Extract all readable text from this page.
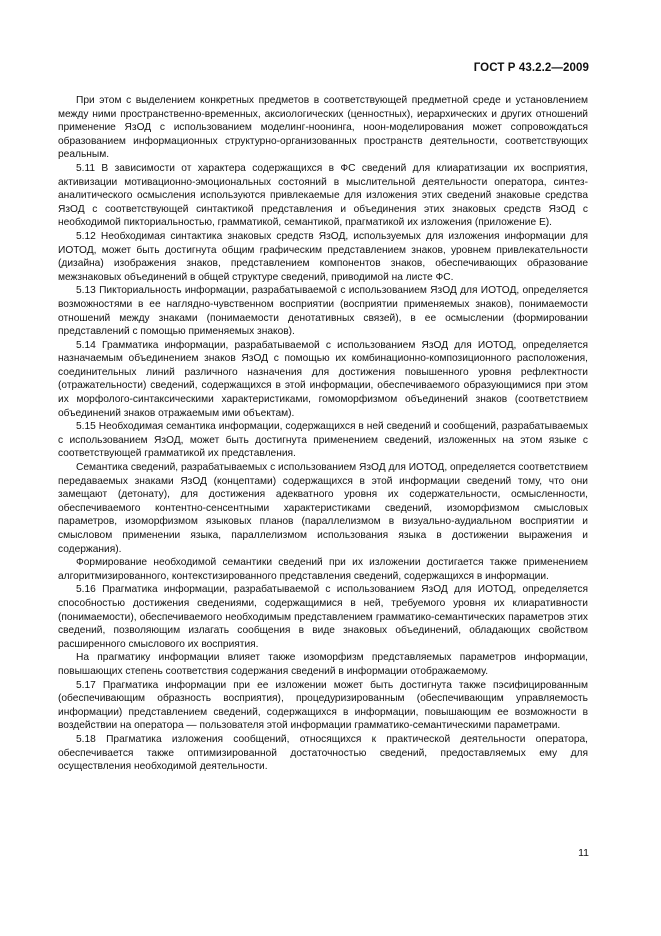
ГОСТ Р 43.2.2—2009

При этом с выделением конкретных предметов в соответствующей предметной среде и установлением между ними пространственно-временных, аксиологических (ценностных), иерархических и других отношений применение ЯзОД с использованием моделинг-ноонинга, ноон-моделирования может сопровождаться образованием информационных структурно-организованных пространств деятельности, соответствующих реальным.

5.11 В зависимости от характера содержащихся в ФС сведений для клиаратизации их восприятия, активизации мотивационно-эмоциональных состояний в мыслительной деятельности оператора, синтез-аналитического осмысления используются привлекаемые для изложения этих сведений знаковые средства ЯзОД с соответствующей синтактикой представления и объединения этих знаковых средств ЯзОД с необходимой пикториальностью, грамматикой, семантикой, прагматикой их изложения (приложение Е).

5.12 Необходимая синтактика знаковых средств ЯзОД, используемых для изложения информации для ИОТОД, может быть достигнута общим графическим представлением знаков, уровнем привлекательности (дизайна) изображения знаков, представлением компонентов знаков, обеспечивающих образование межзнаковых объединений в общей структуре сведений, приводимой на листе ФС.

5.13 Пикториальность информации, разрабатываемой с использованием ЯзОД для ИОТОД, определяется возможностями в ее наглядно-чувственном восприятии (восприятии применяемых знаков), понимаемости отношений между знаками (понимаемости денотативных связей), в ее осмыслении (формировании представлений с помощью применяемых знаков).

5.14 Грамматика информации, разрабатываемой с использованием ЯзОД для ИОТОД, определяется назначаемым объединением знаков ЯзОД с помощью их комбинационно-композиционного расположения, соединительных линий различного назначения для достижения повышенного уровня рефлектности (отражательности) сведений, содержащихся в этой информации, обеспечиваемого образующимися при этом их морфолого-синтаксическими характеристиками, гомоморфизмом объединений знаков (соответствием объединений знаков отражаемым ими объектам).

5.15 Необходимая семантика информации, содержащихся в ней сведений и сообщений, разрабатываемых с использованием ЯзОД, может быть достигнута применением сведений, изложенных на этом языке с соответствующей грамматикой их представления.

Семантика сведений, разрабатываемых с использованием ЯзОД для ИОТОД, определяется соответствием передаваемых знаками ЯзОД (концептами) содержащихся в этой информации сведений тому, что они замещают (детонату), для достижения адекватного уровня их содержательности, осмысленности, обеспечиваемого контентно-сенсентными характеристиками сведений, изоморфизмом смысловых параметров, изоморфизмом языковых планов (параллелизмом в визуально-аудиальном восприятии и смысловом применении языка, параллелизмом использования языка в достижении выражения и содержания).

Формирование необходимой семантики сведений при их изложении достигается также применением алгоритмизированного, контекстизированного представления сведений, содержащихся в информации.

5.16 Прагматика информации, разрабатываемой с использованием ЯзОД для ИОТОД, определяется способностью достижения сведениями, содержащимися в ней, требуемого уровня их клиаративности (понимаемости), обеспечиваемого необходимым представлением грамматико-семантических параметров этих сведений, позволяющим излагать сообщения в виде знаковых объединений, обладающих свойством расширенного смыслового их восприятия.

На прагматику информации влияет также изоморфизм представляемых параметров информации, повышающих степень соответствия содержания сведений в информации отображаемому.

5.17 Прагматика информации при ее изложении может быть достигнута также пэсифицированным (обеспечивающим образность восприятия), процедуризированным (обеспечивающим управляемость информации) представлением сведений, содержащихся в информации, повышающим ее возможности в воздействии на оператора — пользователя этой информации грамматико-семантическими параметрами.

5.18 Прагматика изложения сообщений, относящихся к практической деятельности оператора, обеспечивается также оптимизированной достаточностью сведений, предоставляемых ему для осуществления необходимой деятельности.

11
